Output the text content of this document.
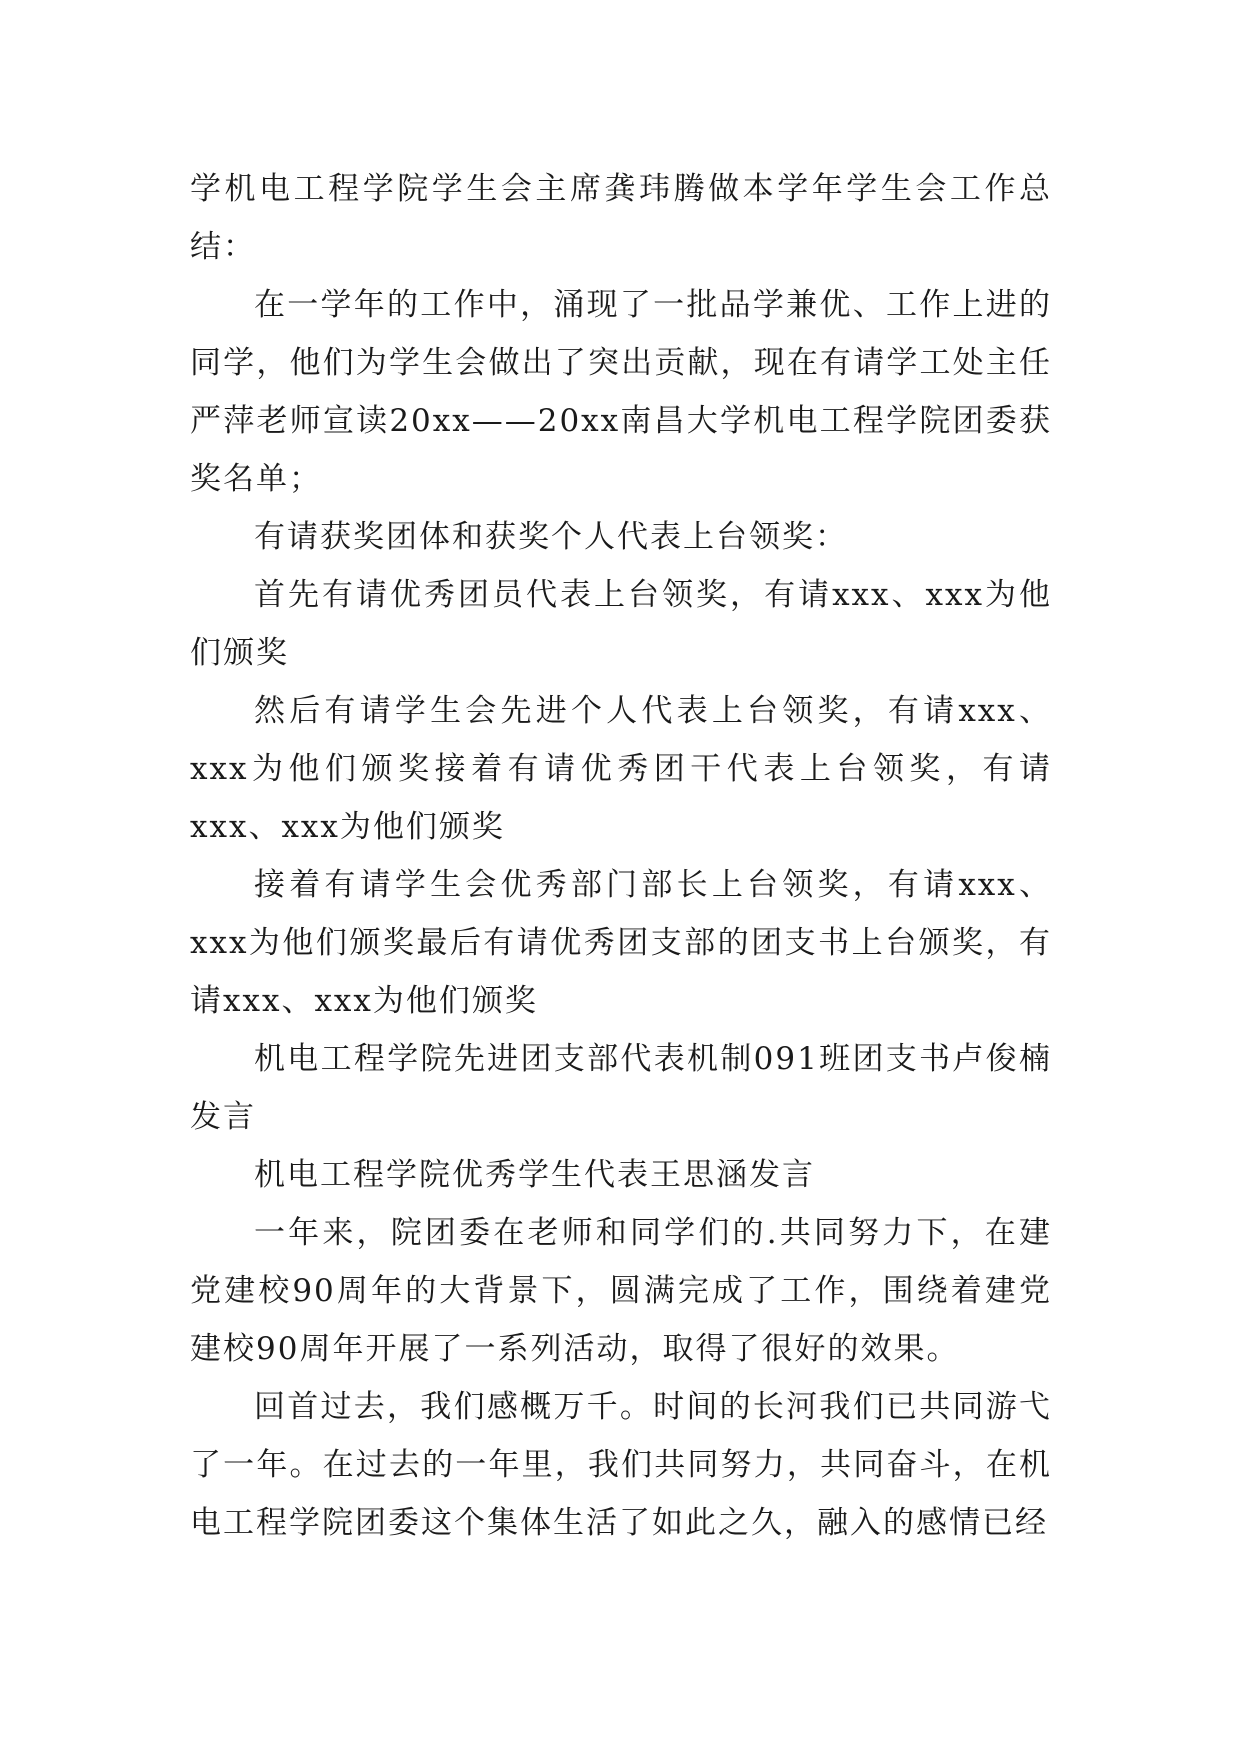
学机电工程学院学生会主席龚玮腾做本学年学生会工作总结：

在一学年的工作中，涌现了一批品学兼优、工作上进的同学，他们为学生会做出了突出贡献，现在有请学工处主任严萍老师宣读20xx——20xx南昌大学机电工程学院团委获奖名单；

有请获奖团体和获奖个人代表上台领奖：

首先有请优秀团员代表上台领奖，有请xxx、xxx为他们颁奖

然后有请学生会先进个人代表上台领奖，有请xxx、xxx为他们颁奖接着有请优秀团干代表上台领奖，有请xxx、xxx为他们颁奖

接着有请学生会优秀部门部长上台领奖，有请xxx、xxx为他们颁奖最后有请优秀团支部的团支书上台颁奖，有请xxx、xxx为他们颁奖

机电工程学院先进团支部代表机制091班团支书卢俊楠发言

机电工程学院优秀学生代表王思涵发言

一年来，院团委在老师和同学们的.共同努力下，在建党建校90周年的大背景下，圆满完成了工作，围绕着建党建校90周年开展了一系列活动，取得了很好的效果。

回首过去，我们感概万千。时间的长河我们已共同游弋了一年。在过去的一年里，我们共同努力，共同奋斗，在机电工程学院团委这个集体生活了如此之久，融入的感情已经
